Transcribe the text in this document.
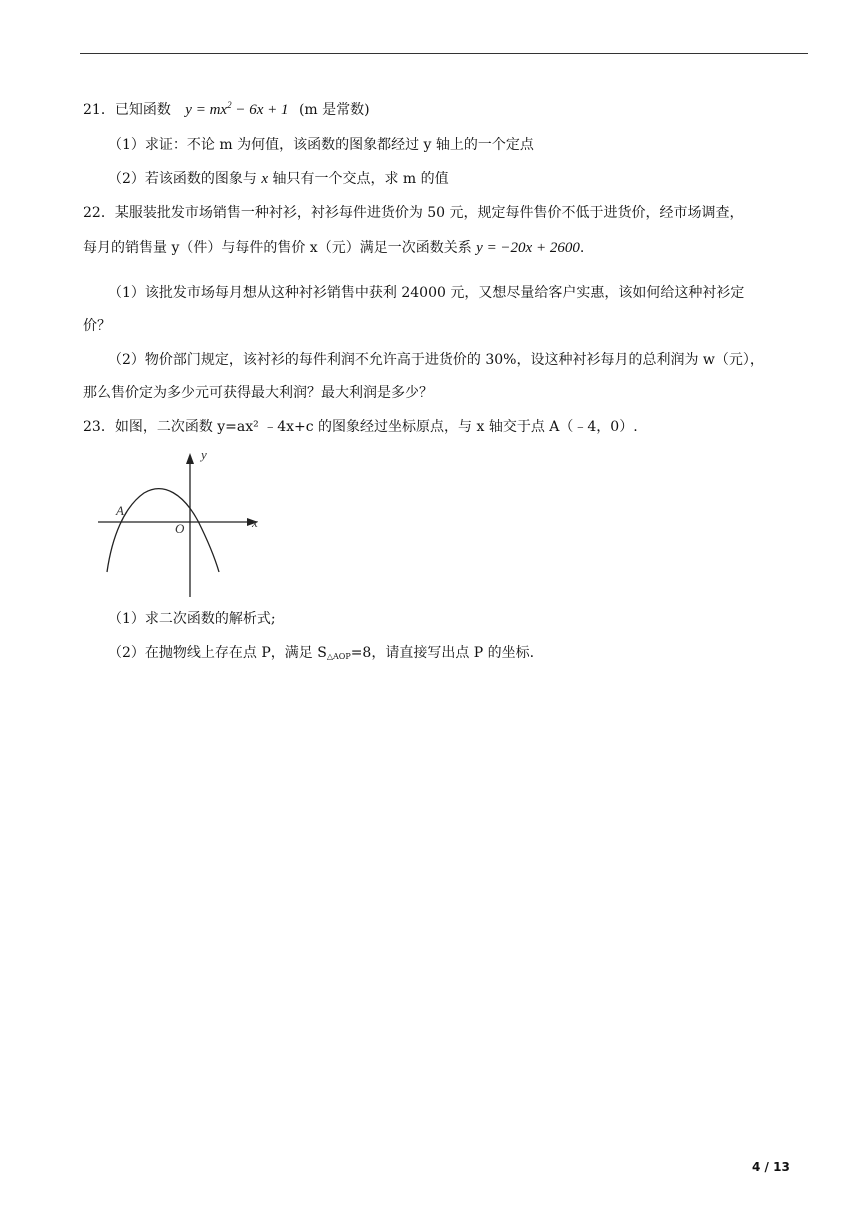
21．已知函数 $y = mx^2 - 6x + 1$ (m 是常数)
（1）求证：不论 m 为何值，该函数的图象都经过 y 轴上的一个定点
（2）若该函数的图象与 x 轴只有一个交点，求 m 的值
22．某服装批发市场销售一种衬衫，衬衫每件进货价为 50 元，规定每件售价不低于进货价，经市场调查，
每月的销售量 y（件）与每件的售价 x（元）满足一次函数关系 y = −20x + 2600.
（1）该批发市场每月想从这种衬衫销售中获利 24000 元，又想尽量给客户实惠，该如何给这种衬衫定
价？
（2）物价部门规定，该衬衫的每件利润不允许高于进货价的 30%，设这种衬衫每月的总利润为 w（元），
那么售价定为多少元可获得最大利润？最大利润是多少？
23．如图，二次函数 y=ax² ﹣4x+c 的图象经过坐标原点，与 x 轴交于点 A（﹣4，0）.
y
x
O
A
（1）求二次函数的解析式;
（2）在抛物线上存在点 P，满足 S△AOP=8，请直接写出点 P 的坐标.
4 / 13
